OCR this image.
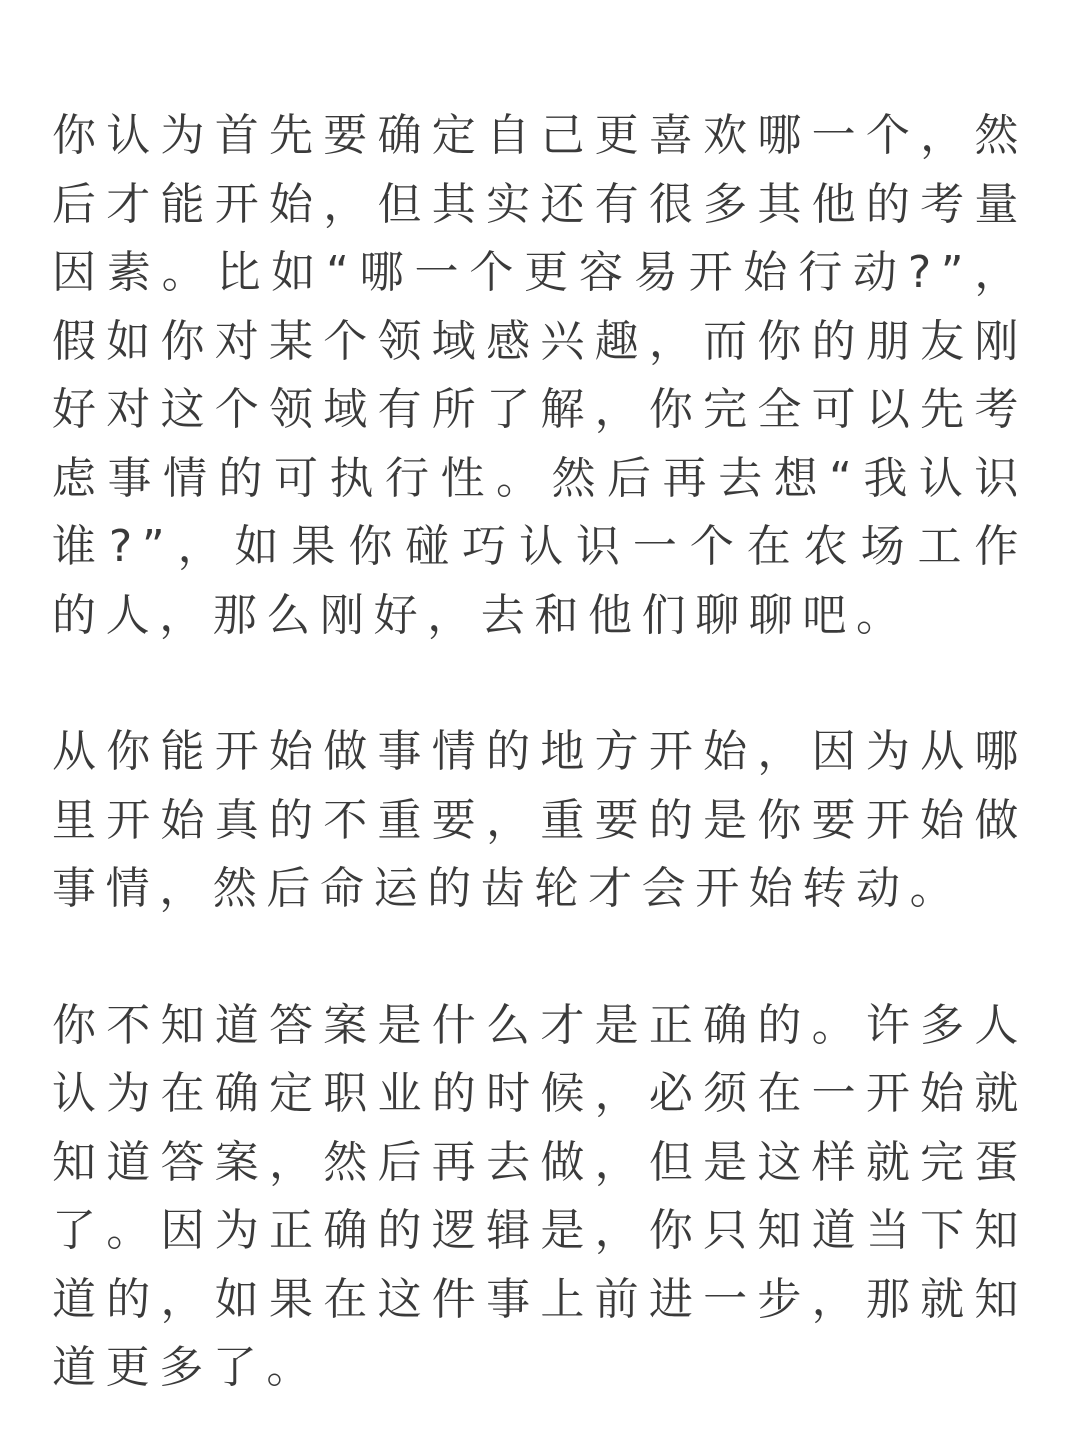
你认为首先要确定自己更喜欢哪一个，然后才能开始，但其实还有很多其他的考量因素。比如“哪一个更容易开始行动?”，假如你对某个领域感兴趣，而你的朋友刚好对这个领域有所了解，你完全可以先考虑事情的可执行性。然后再去想“我认识谁?”，如果你碰巧认识一个在农场工作的人，那么刚好，去和他们聊聊吧。

从你能开始做事情的地方开始，因为从哪里开始真的不重要，重要的是你要开始做事情，然后命运的齿轮才会开始转动。

你不知道答案是什么才是正确的。许多人认为在确定职业的时候，必须在一开始就知道答案，然后再去做，但是这样就完蛋了。因为正确的逻辑是，你只知道当下知道的，如果在这件事上前进一步，那就知道更多了。
